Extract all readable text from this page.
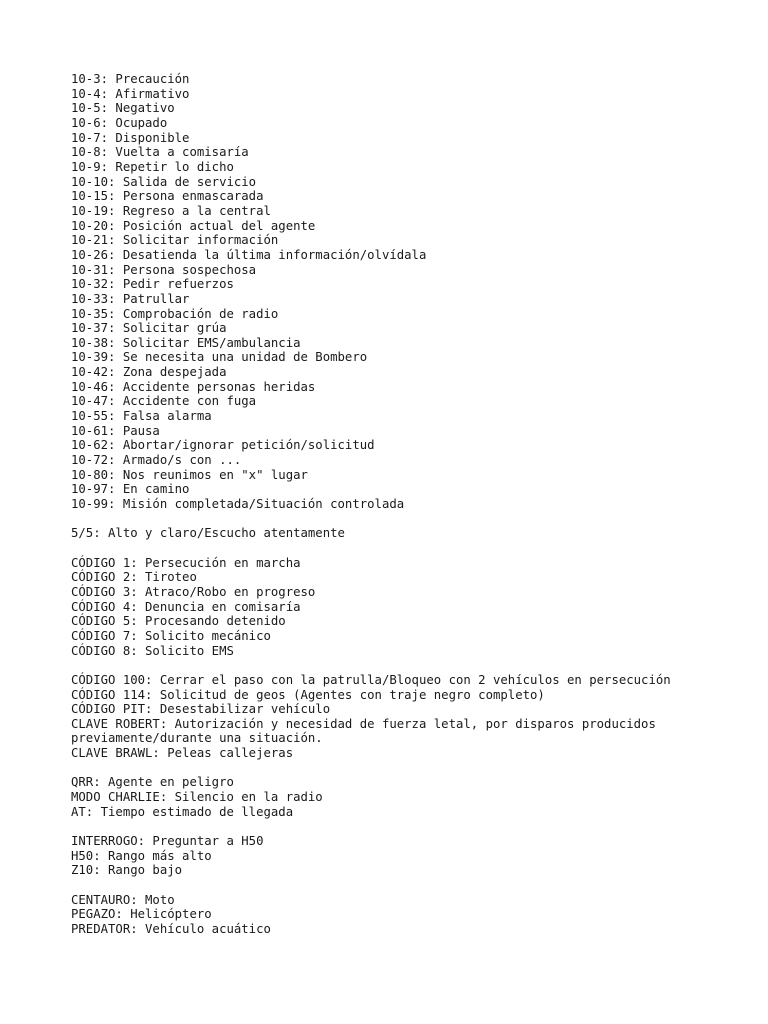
10-3: Precaución
10-4: Afirmativo
10-5: Negativo
10-6: Ocupado
10-7: Disponible
10-8: Vuelta a comisaría
10-9: Repetir lo dicho
10-10: Salida de servicio
10-15: Persona enmascarada
10-19: Regreso a la central
10-20: Posición actual del agente
10-21: Solicitar información
10-26: Desatienda la última información/olvídala
10-31: Persona sospechosa
10-32: Pedir refuerzos
10-33: Patrullar
10-35: Comprobación de radio
10-37: Solicitar grúa
10-38: Solicitar EMS/ambulancia
10-39: Se necesita una unidad de Bombero
10-42: Zona despejada
10-46: Accidente personas heridas
10-47: Accidente con fuga
10-55: Falsa alarma
10-61: Pausa
10-62: Abortar/ignorar petición/solicitud
10-72: Armado/s con ...
10-80: Nos reunimos en "x" lugar
10-97: En camino
10-99: Misión completada/Situación controlada
5/5: Alto y claro/Escucho atentamente
CÓDIGO 1: Persecución en marcha
CÓDIGO 2: Tiroteo
CÓDIGO 3: Atraco/Robo en progreso
CÓDIGO 4: Denuncia en comisaría
CÓDIGO 5: Procesando detenido
CÓDIGO 7: Solicito mecánico
CÓDIGO 8: Solicito EMS
CÓDIGO 100: Cerrar el paso con la patrulla/Bloqueo con 2 vehículos en persecución
CÓDIGO 114: Solicitud de geos (Agentes con traje negro completo)
CÓDIGO PIT: Desestabilizar vehículo
CLAVE ROBERT: Autorización y necesidad de fuerza letal, por disparos producidos
previamente/durante una situación.
CLAVE BRAWL: Peleas callejeras
QRR: Agente en peligro
MODO CHARLIE: Silencio en la radio
AT: Tiempo estimado de llegada
INTERROGO: Preguntar a H50
H50: Rango más alto
Z10: Rango bajo
CENTAURO: Moto
PEGAZO: Helicóptero
PREDATOR: Vehículo acuático
